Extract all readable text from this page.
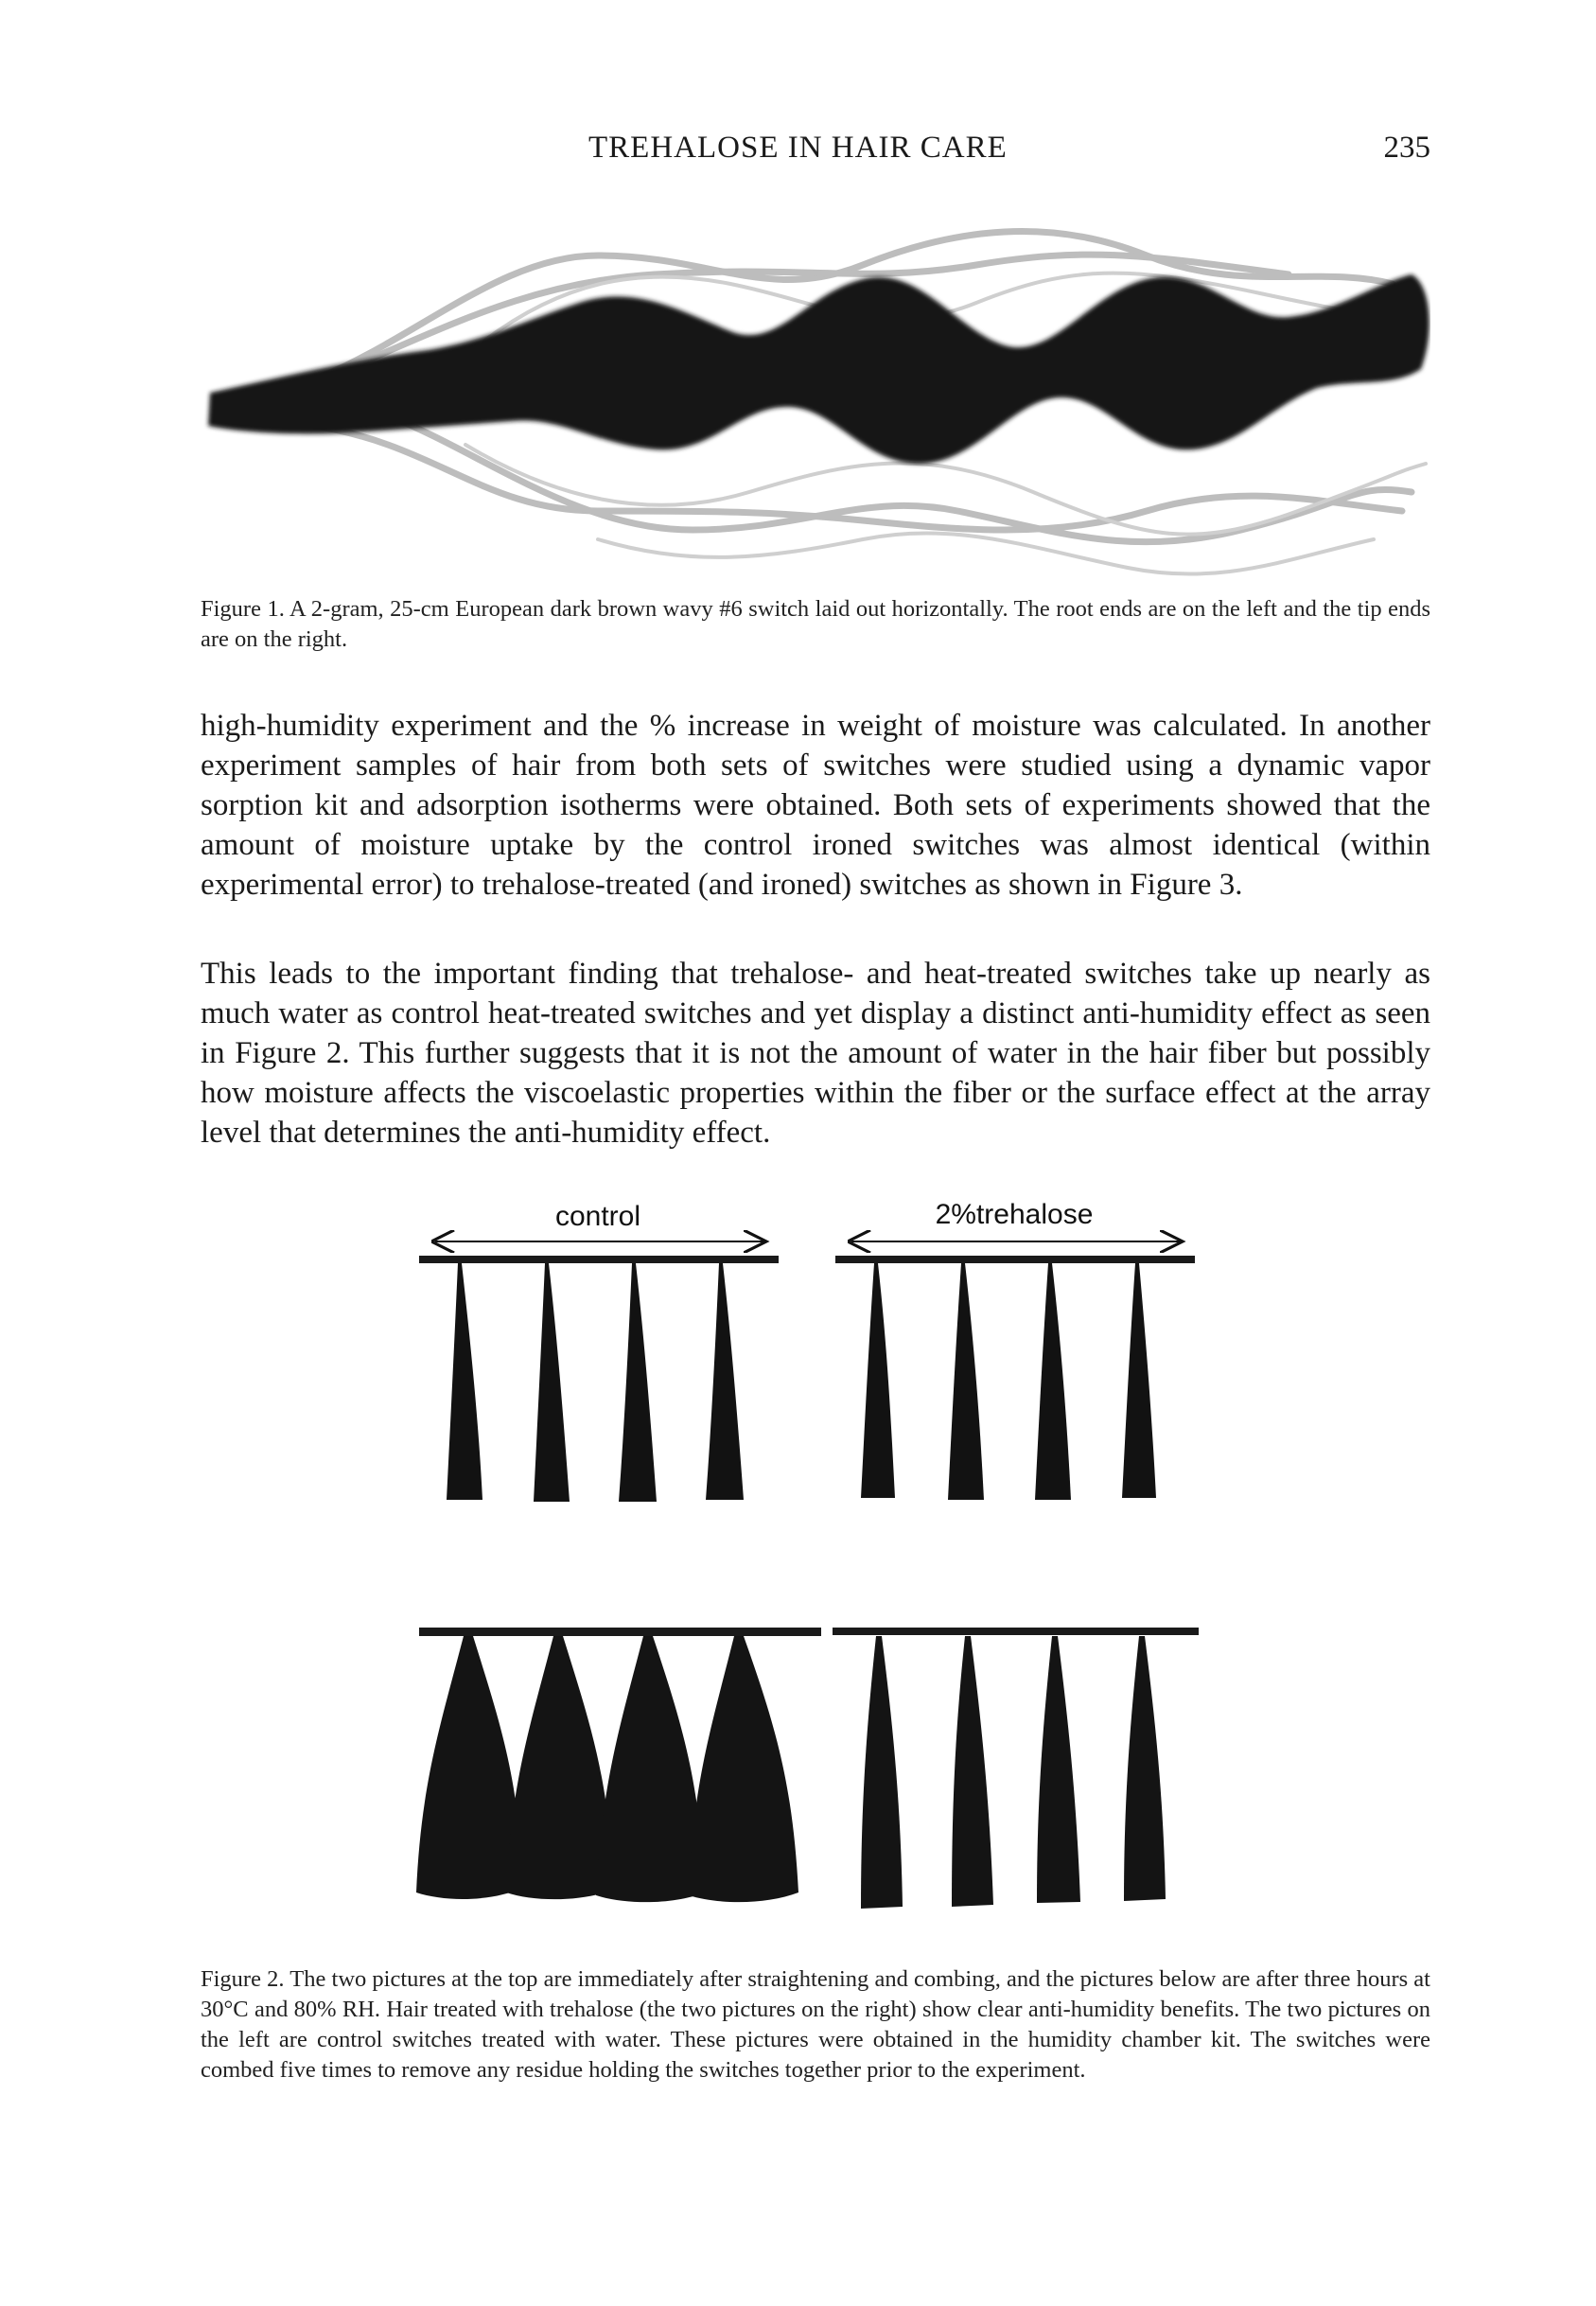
TREHALOSE IN HAIR CARE	235
Figure 1. A 2-gram, 25-cm European dark brown wavy #6 switch laid out horizontally. The root ends are on the left and the tip ends are on the right.

high-humidity experiment and the % increase in weight of moisture was calculated. In another experiment samples of hair from both sets of switches were studied using a dynamic vapor sorption kit and adsorption isotherms were obtained. Both sets of experiments showed that the amount of moisture uptake by the control ironed switches was almost identical (within experimental error) to trehalose-treated (and ironed) switches as shown in Figure 3.

This leads to the important finding that trehalose- and heat-treated switches take up nearly as much water as control heat-treated switches and yet display a distinct anti-humidity effect as seen in Figure 2. This further suggests that it is not the amount of water in the hair fiber but possibly how moisture affects the viscoelastic properties within the fiber or the surface effect at the array level that determines the anti-humidity effect.

control	2%trehalose
Figure 2. The two pictures at the top are immediately after straightening and combing, and the pictures below are after three hours at 30°C and 80% RH. Hair treated with trehalose (the two pictures on the right) show clear anti-humidity benefits. The two pictures on the left are control switches treated with water. These pictures were obtained in the humidity chamber kit. The switches were combed five times to remove any residue holding the switches together prior to the experiment.
